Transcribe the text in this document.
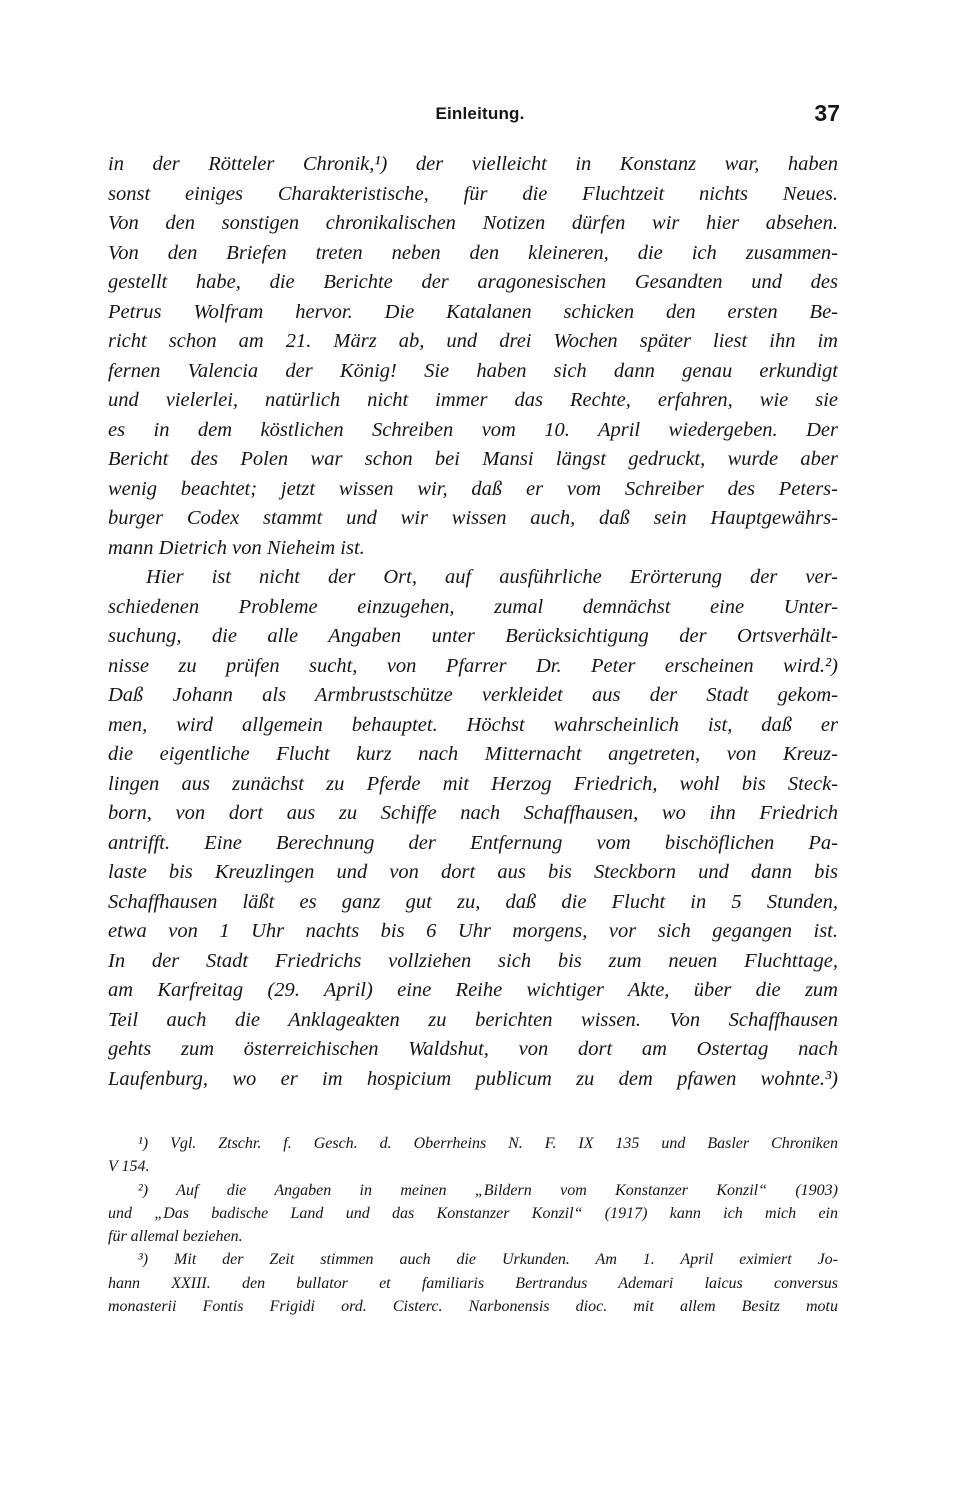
Einleitung.	37
in der Rötteler Chronik,¹) der vielleicht in Konstanz war, haben
sonst einiges Charakteristische, für die Fluchtzeit nichts Neues.
Von den sonstigen chronikalischen Notizen dürfen wir hier absehen.
Von den Briefen treten neben den kleineren, die ich zusammen-
gestellt habe, die Berichte der aragonesischen Gesandten und des
Petrus Wolfram hervor. Die Katalanen schicken den ersten Be-
richt schon am 21. März ab, und drei Wochen später liest ihn im
fernen Valencia der König! Sie haben sich dann genau erkundigt
und vielerlei, natürlich nicht immer das Rechte, erfahren, wie sie
es in dem köstlichen Schreiben vom 10. April wiedergeben. Der
Bericht des Polen war schon bei Mansi längst gedruckt, wurde aber
wenig beachtet; jetzt wissen wir, daß er vom Schreiber des Peters-
burger Codex stammt und wir wissen auch, daß sein Hauptgewährs-
mann Dietrich von Nieheim ist.
Hier ist nicht der Ort, auf ausführliche Erörterung der ver-
schiedenen Probleme einzugehen, zumal demnächst eine Unter-
suchung, die alle Angaben unter Berücksichtigung der Ortsverhält-
nisse zu prüfen sucht, von Pfarrer Dr. Peter erscheinen wird.²)
Daß Johann als Armbrustschütze verkleidet aus der Stadt gekom-
men, wird allgemein behauptet. Höchst wahrscheinlich ist, daß er
die eigentliche Flucht kurz nach Mitternacht angetreten, von Kreuz-
lingen aus zunächst zu Pferde mit Herzog Friedrich, wohl bis Steck-
born, von dort aus zu Schiffe nach Schaffhausen, wo ihn Friedrich
antrifft. Eine Berechnung der Entfernung vom bischöflichen Pa-
laste bis Kreuzlingen und von dort aus bis Steckborn und dann bis
Schaffhausen läßt es ganz gut zu, daß die Flucht in 5 Stunden,
etwa von 1 Uhr nachts bis 6 Uhr morgens, vor sich gegangen ist.
In der Stadt Friedrichs vollziehen sich bis zum neuen Fluchttage,
am Karfreitag (29. April) eine Reihe wichtiger Akte, über die zum
Teil auch die Anklageakten zu berichten wissen. Von Schaffhausen
gehts zum österreichischen Waldshut, von dort am Ostertag nach
Laufenburg, wo er im hospicium publicum zu dem pfawen wohnte.³)
¹) Vgl. Ztschr. f. Gesch. d. Oberrheins N. F. IX 135 und Basler Chroniken
V 154.
²) Auf die Angaben in meinen „Bildern vom Konstanzer Konzil“ (1903)
und „Das badische Land und das Konstanzer Konzil“ (1917) kann ich mich ein
für allemal beziehen.
³) Mit der Zeit stimmen auch die Urkunden. Am 1. April eximiert Jo-
hann XXIII. den bullator et familiaris Bertrandus Ademari laicus conversus
monasterii Fontis Frigidi ord. Cisterc. Narbonensis dioc. mit allem Besitz motu
